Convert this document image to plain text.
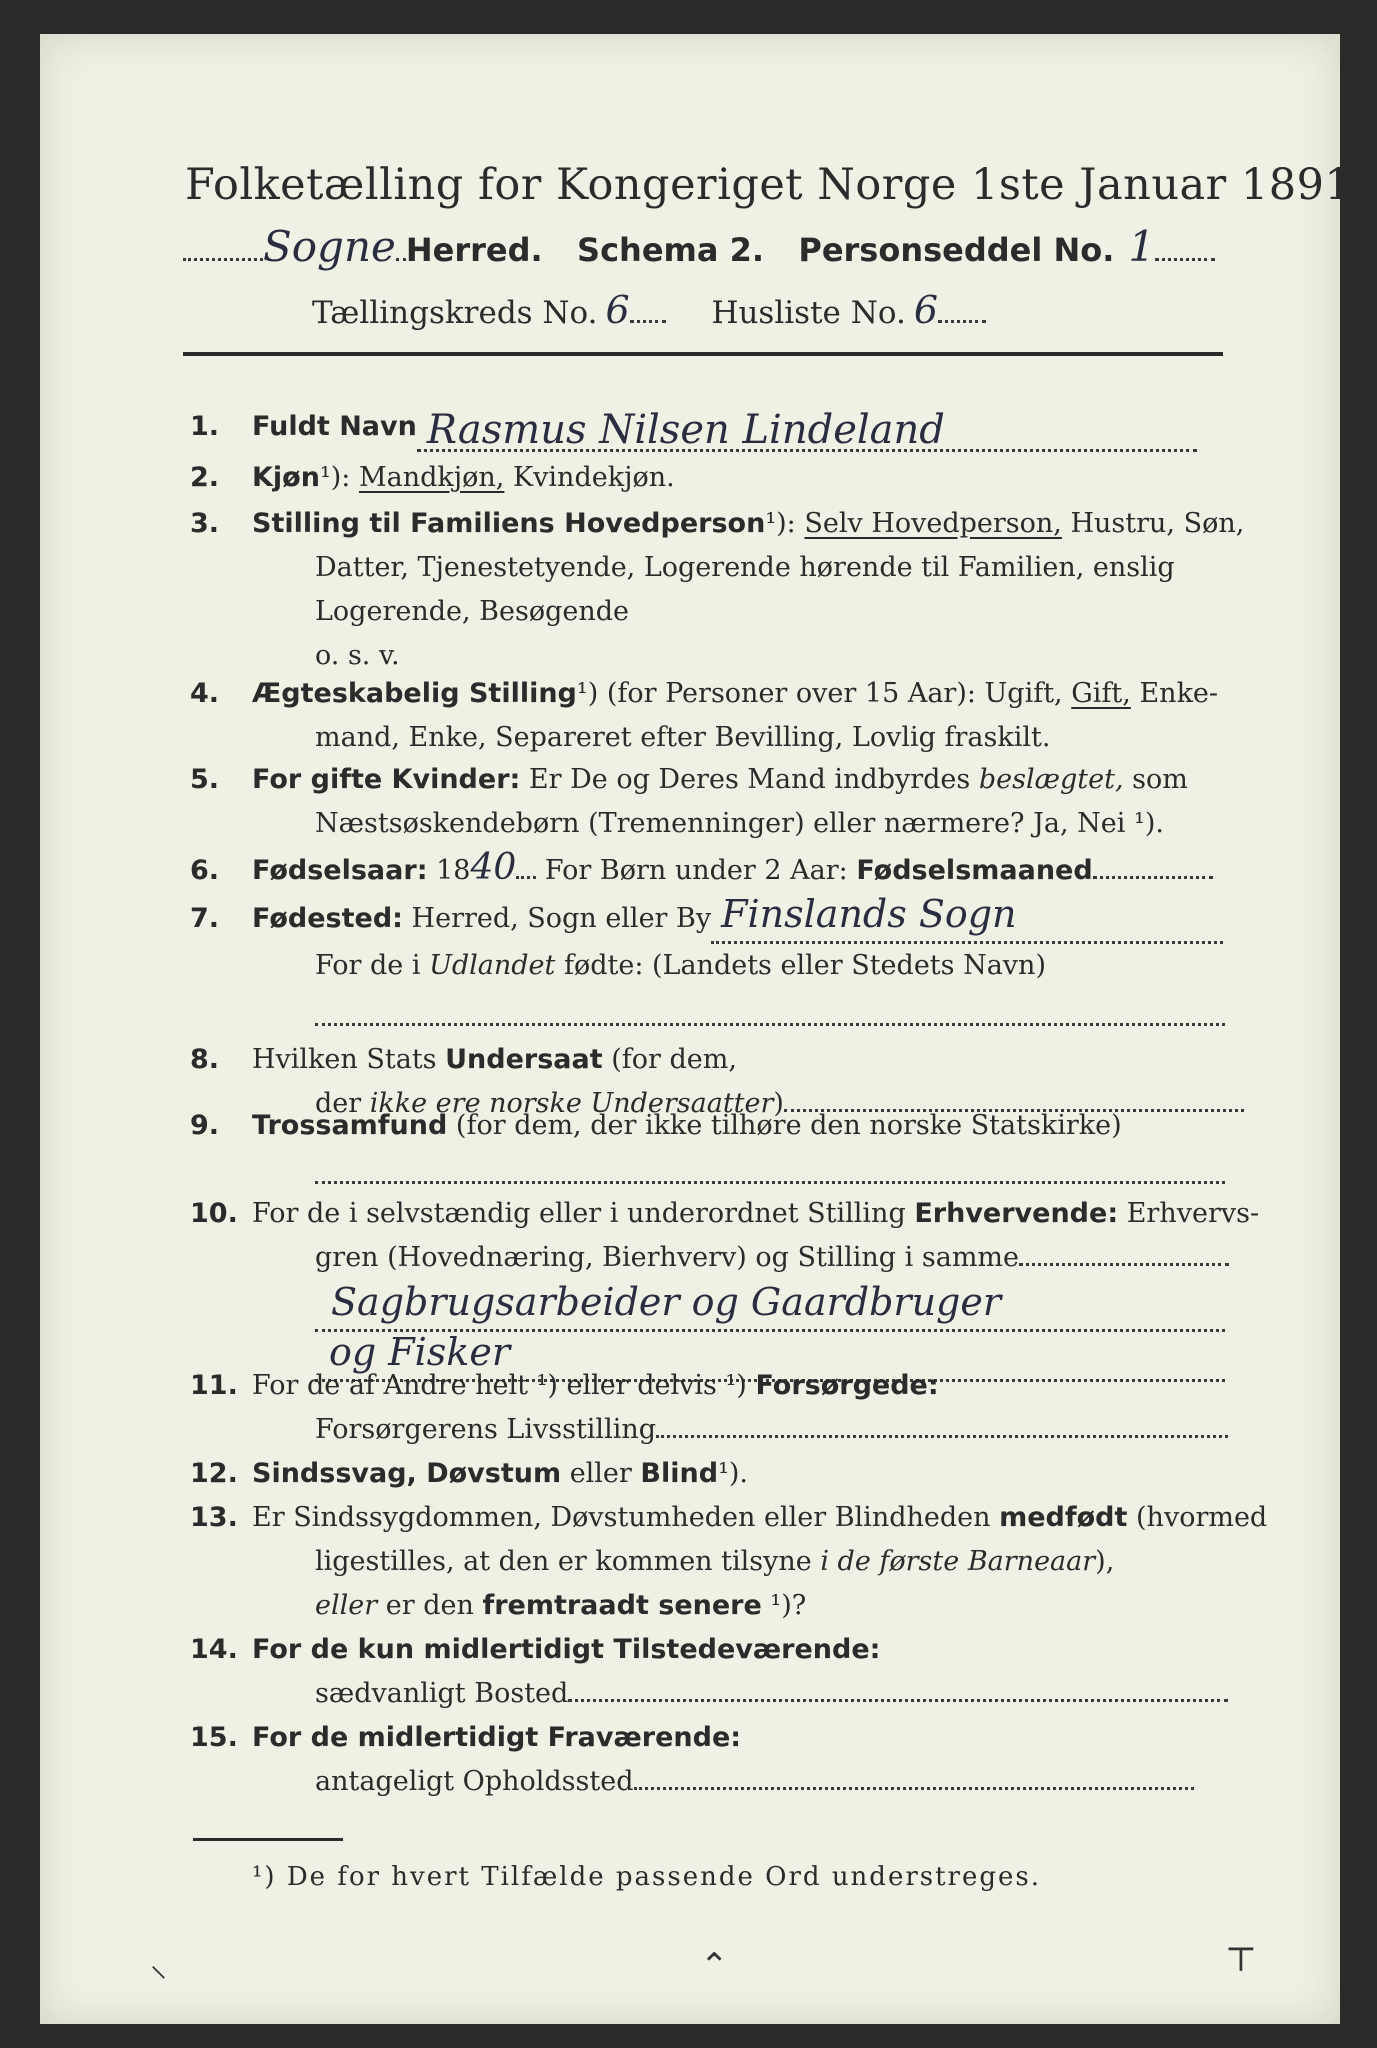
Folketælling for Kongeriget Norge 1ste Januar 1891.
Sogne Herred. Schema 2. Personseddel No. 1
Tællingskreds No. 6	Husliste No. 6
1. Fuldt Navn Rasmus Nilsen Lindeland
2. Kjøn¹): Mandkjøn, Kvindekjøn.
3. Stilling til Familiens Hovedperson¹): Selv Hovedperson, Hustru, Søn,
Datter, Tjenestetyende, Logerende hørende til Familien, enslig
Logerende, Besøgende
o. s. v.
4. Ægteskabelig Stilling¹) (for Personer over 15 Aar): Ugift, Gift, Enke-
mand, Enke, Separeret efter Bevilling, Lovlig fraskilt.
5. For gifte Kvinder: Er De og Deres Mand indbyrdes beslægtet, som
Næstsøskendebørn (Tremenninger) eller nærmere? Ja, Nei ¹).
6. Fødselsaar: 1840 For Børn under 2 Aar: Fødselsmaaned
7. Fødested: Herred, Sogn eller By Finslands Sogn
For de i Udlandet fødte: (Landets eller Stedets Navn)
8. Hvilken Stats Undersaat (for dem,
der ikke ere norske Undersaatter)
9. Trossamfund (for dem, der ikke tilhøre den norske Statskirke)
10. For de i selvstændig eller i underordnet Stilling Erhvervende: Erhvervs-
gren (Hovednæring, Bierhverv) og Stilling i samme
Sagbrugsarbeider og Gaardbruger
og Fisker
11. For de af Andre helt ¹) eller delvis ¹) Forsørgede:
Forsørgerens Livsstilling
12. Sindssvag, Døvstum eller Blind¹).
13. Er Sindssygdommen, Døvstumheden eller Blindheden medfødt (hvormed
ligestilles, at den er kommen tilsyne i de første Barneaar),
eller er den fremtraadt senere ¹)?
14. For de kun midlertidigt Tilstedeværende:
sædvanligt Bosted
15. For de midlertidigt Fraværende:
antageligt Opholdssted
¹) De for hvert Tilfælde passende Ord understreges.
⸜	⌃	⊤
